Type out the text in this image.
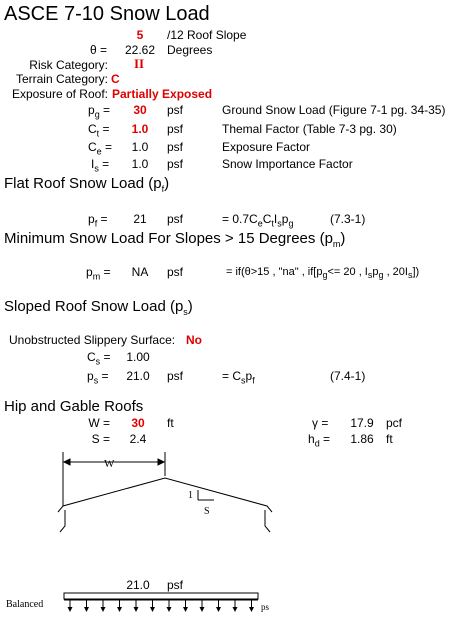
ASCE 7-10 Snow Load
5	/12 Roof Slope
θ =	22.62 Degrees
Risk Category: II
Terrain Category: C
Exposure of Roof: Partially Exposed
$p_g$ =	30	psf	Ground Snow Load (Figure 7-1 pg. 34-35)
$C_t$ =	1.0	psf	Themal Factor (Table 7-3 pg. 30)
$C_e$ =	1.0	psf	Exposure Factor
$I_s$ =	1.0	psf	Snow Importance Factor
Flat Roof Snow Load $(p_f)$
$p_f$ =	21	psf	= $0.7C_eC_tI_sp_g$	(7.3-1)
Minimum Snow Load For Slopes > 15 Degrees $(p_m)$
$p_m$ =	NA	psf	= if(θ>15 , "na" , $if[p_g<= 20$ , $I_sp_g$ , $20I_s$])
Sloped Roof Snow Load $(p_s)$
Unobstructed Slippery Surface: No
$C_s$ =	1.00
$p_s$ =	21.0	psf	= $C_sp_f$	(7.4-1)
Hip and Gable Roofs
W =	30	ft
S =	2.4
γ =	17.9	pcf
$h_d$ =	1.86	ft
W
1
S
21.0	psf
Balanced	ps
